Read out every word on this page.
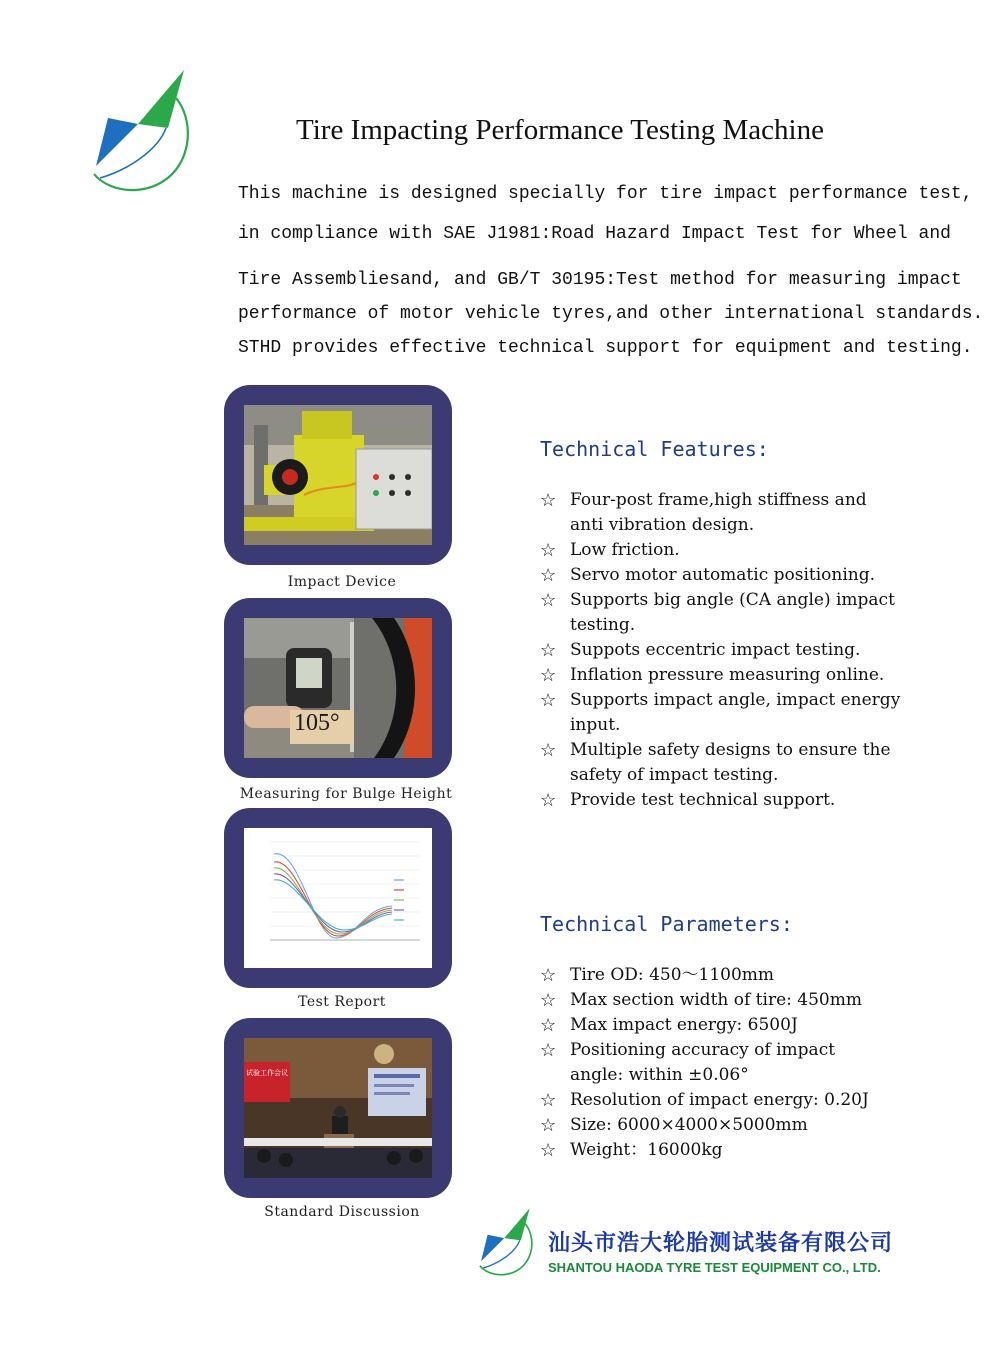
Tire Impacting Performance Testing Machine
This machine is designed specially for tire impact performance test,
in compliance with SAE J1981:Road Hazard Impact Test for Wheel and
Tire Assembliesand, and GB/T 30195:Test method for measuring impact
performance of motor vehicle tyres,and other international standards.
STHD provides effective technical support for equipment and testing.
Impact Device
105°
Measuring for Bulge Height
Test Report
试验工作会议
Standard Discussion
Technical Features:
☆ Four-post frame,high stiffness and
anti vibration design.
☆ Low friction.
☆ Servo motor automatic positioning.
☆ Supports big angle (CA angle) impact
testing.
☆ Suppots eccentric impact testing.
☆ Inflation pressure measuring online.
☆ Supports impact angle, impact energy
input.
☆ Multiple safety designs to ensure the
safety of impact testing.
☆ Provide test technical support.
Technical Parameters:
☆ Tire OD: 450～1100mm
☆ Max section width of tire: 450mm
☆ Max impact energy: 6500J
☆ Positioning accuracy of impact
angle: within ±0.06°
☆ Resolution of impact energy: 0.20J
☆ Size: 6000×4000×5000mm
☆ Weight：16000kg
汕头市浩大轮胎测试装备有限公司
SHANTOU HAODA TYRE TEST EQUIPMENT CO., LTD.
